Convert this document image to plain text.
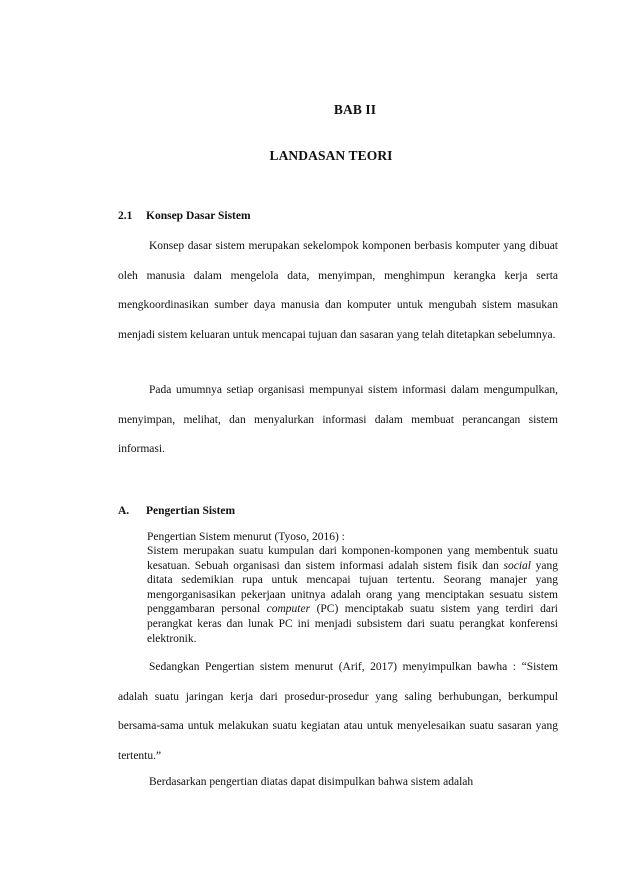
BAB II
LANDASAN TEORI
2.1 Konsep Dasar Sistem
Konsep dasar sistem merupakan sekelompok komponen berbasis komputer yang dibuat oleh manusia dalam mengelola data, menyimpan, menghimpun kerangka kerja serta mengkoordinasikan sumber daya manusia dan komputer untuk mengubah sistem masukan menjadi sistem keluaran untuk mencapai tujuan dan sasaran yang telah ditetapkan sebelumnya.
Pada umumnya setiap organisasi mempunyai sistem informasi dalam mengumpulkan, menyimpan, melihat, dan menyalurkan informasi dalam membuat perancangan sistem informasi.
A. Pengertian Sistem
Pengertian Sistem menurut (Tyoso, 2016) :
Sistem merupakan suatu kumpulan dari komponen-komponen yang membentuk suatu kesatuan. Sebuah organisasi dan sistem informasi adalah sistem fisik dan social yang ditata sedemikian rupa untuk mencapai tujuan tertentu. Seorang manajer yang mengorganisasikan pekerjaan unitnya adalah orang yang menciptakan sesuatu sistem penggambaran personal computer (PC) menciptakab suatu sistem yang terdiri dari perangkat keras dan lunak PC ini menjadi subsistem dari suatu perangkat konferensi elektronik.
Sedangkan Pengertian sistem menurut (Arif, 2017) menyimpulkan bawha : “Sistem adalah suatu jaringan kerja dari prosedur-prosedur yang saling berhubungan, berkumpul bersama-sama untuk melakukan suatu kegiatan atau untuk menyelesaikan suatu sasaran yang tertentu.”
Berdasarkan pengertian diatas dapat disimpulkan bahwa sistem adalah
